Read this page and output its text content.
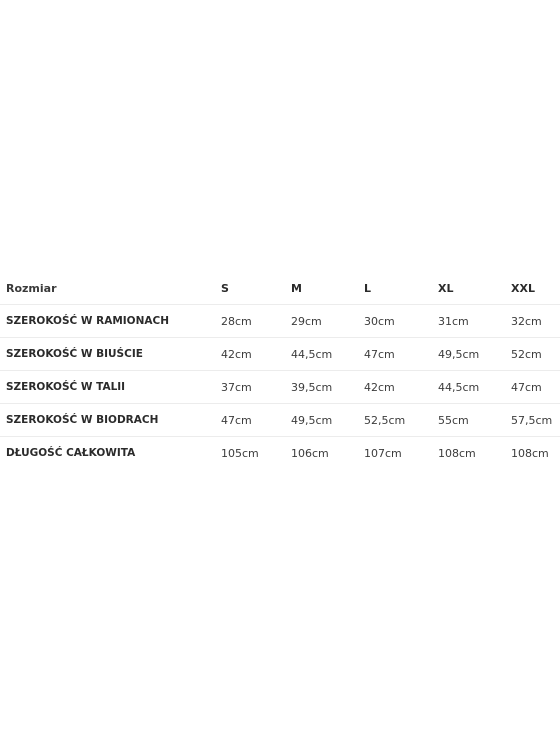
Rozmiar	S	M	L	XL	XXL
SZEROKOŚĆ W RAMIONACH	28cm	29cm	30cm	31cm	32cm
SZEROKOŚĆ W BIUŚCIE	42cm	44,5cm	47cm	49,5cm	52cm
SZEROKOŚĆ W TALII	37cm	39,5cm	42cm	44,5cm	47cm
SZEROKOŚĆ W BIODRACH	47cm	49,5cm	52,5cm	55cm	57,5cm
DŁUGOŚĆ CAŁKOWITA	105cm	106cm	107cm	108cm	108cm
